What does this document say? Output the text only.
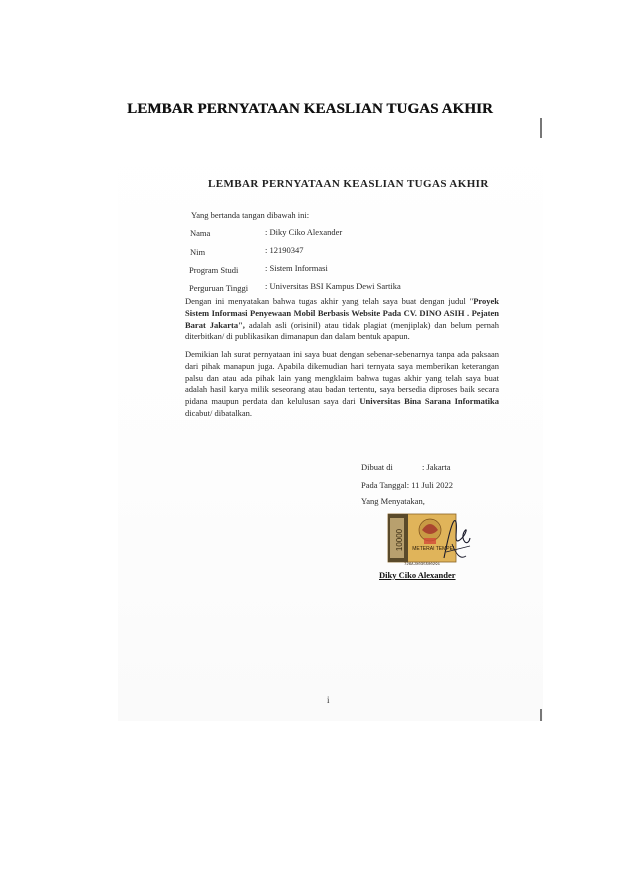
LEMBAR PERNYATAAN KEASLIAN TUGAS AKHIR
LEMBAR PERNYATAAN KEASLIAN TUGAS AKHIR
Yang bertanda tangan dibawah ini:
Nama	: Diky Ciko Alexander
Nim	: 12190347
Program Studi	: Sistem Informasi
Perguruan Tinggi : Universitas BSI Kampus Dewi Sartika
Dengan ini menyatakan bahwa tugas akhir yang telah saya buat dengan judul "Proyek Sistem Informasi Penyewaan Mobil Berbasis Website Pada CV. DINO ASIH . Pejaten Barat Jakarta", adalah asli (orisinil) atau tidak plagiat (menjiplak) dan belum pernah diterbitkan/ di publikasikan dimanapun dan dalam bentuk apapun.
Demikian lah surat pernyataan ini saya buat dengan sebenar-sebenarnya tanpa ada paksaan dari pihak manapun juga. Apabila dikemudian hari ternyata saya memberikan keterangan palsu dan atau ada pihak lain yang mengklaim bahwa tugas akhir yang telah saya buat adalah hasil karya milik seseorang atau badan tertentu, saya bersedia diproses baik secara pidana maupun perdata dan kelulusan saya dari Universitas Bina Sarana Informatika dicabut/ dibatalkan.
Dibuat di	: Jakarta
Pada Tanggal: 11 Juli 2022
Yang Menyatakan,
10000 METERAI TEMPEL
726AJX035500291
Diky Ciko Alexander
i
